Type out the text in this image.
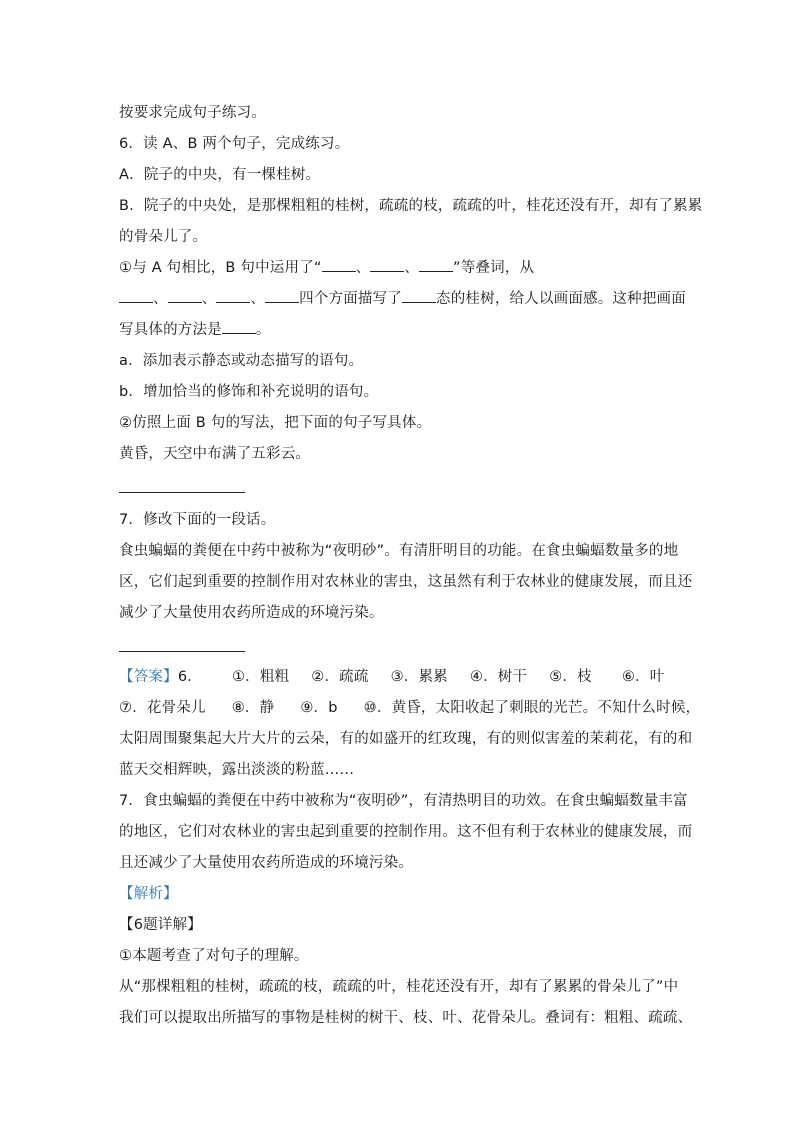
按要求完成句子练习。
6．读 A、B 两个句子，完成练习。
A．院子的中央，有一棵桂树。
B．院子的中央处，是那棵粗粗的桂树，疏疏的枝，疏疏的叶，桂花还没有开，却有了累累
的骨朵儿了。
①与 A 句相比，B 句中运用了“ 、 、 ”等叠词，从
、 、 、 四个方面描写了 态的桂树，给人以画面感。这种把画面
写具体的方法是 。
a．添加表示静态或动态描写的语句。
b．增加恰当的修饰和补充说明的语句。
②仿照上面 B 句的写法，把下面的句子写具体。
黄昏，天空中布满了五彩云。
7．修改下面的一段话。
食虫蝙蝠的粪便在中药中被称为“夜明砂”。有清肝明目的功能。在食虫蝙蝠数量多的地
区，它们起到重要的控制作用对农林业的害虫，这虽然有利于农林业的健康发展，而且还
减少了大量使用农药所造成的环境污染。
【答案】6． ①．粗粗 ②．疏疏 ③．累累 ④．树干 ⑤．枝 ⑥．叶
⑦．花骨朵儿 ⑧．静 ⑨．b ⑩．黄昏，太阳收起了刺眼的光芒。不知什么时候，
太阳周围聚集起大片大片的云朵，有的如盛开的红玫瑰，有的则似害羞的茉莉花，有的和
蓝天交相辉映，露出淡淡的粉蓝……
7．食虫蝙蝠的粪便在中药中被称为“夜明砂”，有清热明目的功效。在食虫蝙蝠数量丰富
的地区，它们对农林业的害虫起到重要的控制作用。这不但有利于农林业的健康发展，而
且还减少了大量使用农药所造成的环境污染。
【解析】
【6题详解】
①本题考查了对句子的理解。
从“那棵粗粗的桂树，疏疏的枝，疏疏的叶，桂花还没有开，却有了累累的骨朵儿了”中
我们可以提取出所描写的事物是桂树的树干、枝、叶、花骨朵儿。叠词有：粗粗、疏疏、
